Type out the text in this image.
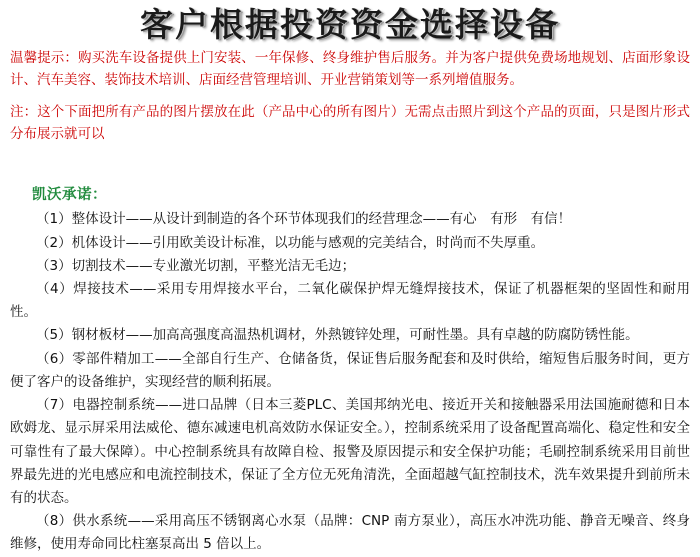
客户根据投资资金选择设备
温馨提示：购买洗车设备提供上门安装、一年保修、终身维护售后服务。并为客户提供免费场地规划、店面形象设计、汽车美容、装饰技术培训、店面经营管理培训、开业营销策划等一系列增值服务。
注：这个下面把所有产品的图片摆放在此（产品中心的所有图片）无需点击照片到这个产品的页面，只是图片形式分布展示就可以
凯沃承诺：

（1）整体设计——从设计到制造的各个环节体现我们的经营理念——有心　有形　有信！

（2）机体设计——引用欧美设计标准，以功能与感观的完美结合，时尚而不失厚重。

（3）切割技术——专业激光切割，平整光洁无毛边；

（4）焊接技术——采用专用焊接水平台，二氧化碳保护焊无缝焊接技术，保证了机器框架的坚固性和耐用性。

（5）钢材板材——加高高强度高温热机调材，外熱镀锌处理，可耐性墨。具有卓越的防腐防锈性能。

（6）零部件精加工——全部自行生产、仓储备货，保证售后服务配套和及时供给，缩短售后服务时间，更方便了客户的设备维护，实现经营的顺利拓展。

（7）电器控制系统——进口品牌（日本三菱PLC、美国邦纳光电、接近开关和接触器采用法国施耐德和日本欧姆龙、显示屏采用法威伦、德东减速电机高效防水保证安全。），控制系统采用了设备配置高端化、稳定性和安全可靠性有了最大保障）。中心控制系统具有故障自检、报警及原因提示和安全保护功能；毛刷控制系统采用目前世界最先进的光电感应和电流控制技术，保证了全方位无死角清洗，全面超越气缸控制技术，洗车效果提升到前所未有的状态。

（8）供水系统——采用高压不锈钢离心水泵（品牌：CNP 南方泵业），高压水冲洗功能、静音无噪音、终身维修，使用寿命同比柱塞泵高出 5 倍以上。
